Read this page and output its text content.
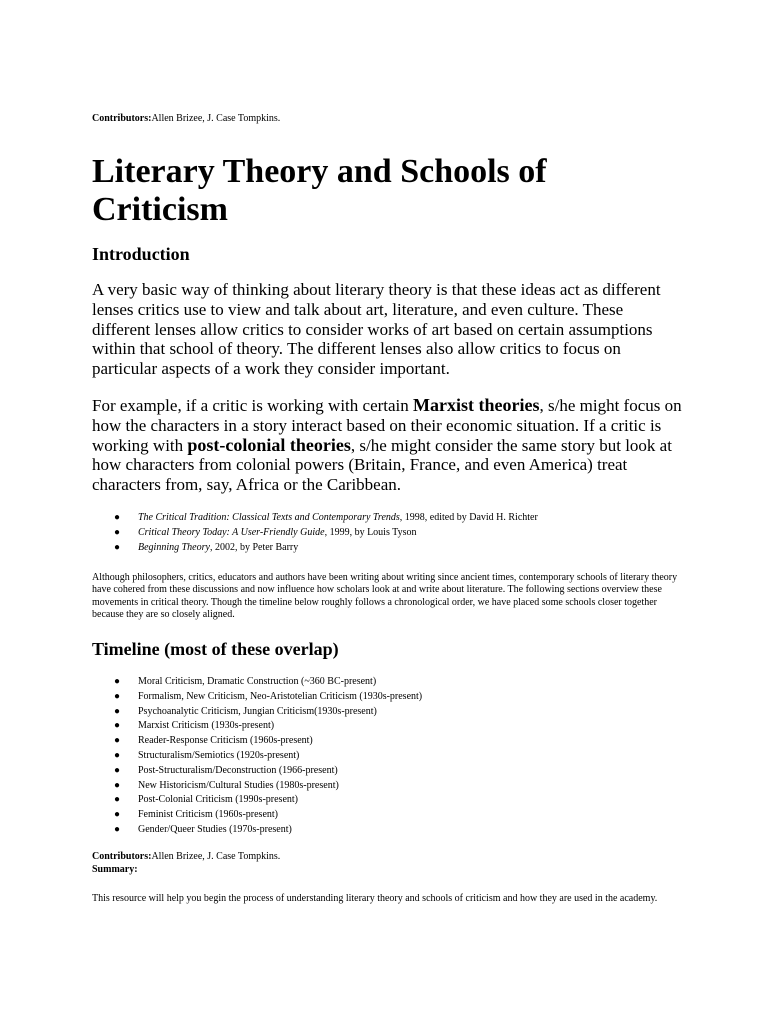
Contributors:Allen Brizee, J. Case Tompkins.
Literary Theory and Schools of Criticism
Introduction

A very basic way of thinking about literary theory is that these ideas act as different lenses critics use to view and talk about art, literature, and even culture. These different lenses allow critics to consider works of art based on certain assumptions within that school of theory. The different lenses also allow critics to focus on particular aspects of a work they consider important.

For example, if a critic is working with certain Marxist theories, s/he might focus on how the characters in a story interact based on their economic situation. If a critic is working with post-colonial theories, s/he might consider the same story but look at how characters from colonial powers (Britain, France, and even America) treat characters from, say, Africa or the Caribbean.

● The Critical Tradition: Classical Texts and Contemporary Trends, 1998, edited by David H. Richter
● Critical Theory Today: A User-Friendly Guide, 1999, by Louis Tyson
● Beginning Theory, 2002, by Peter Barry

Although philosophers, critics, educators and authors have been writing about writing since ancient times, contemporary schools of literary theory have cohered from these discussions and now influence how scholars look at and write about literature. The following sections overview these movements in critical theory. Though the timeline below roughly follows a chronological order, we have placed some schools closer together because they are so closely aligned.

Timeline (most of these overlap)
● Moral Criticism, Dramatic Construction (~360 BC-present)
● Formalism, New Criticism, Neo-Aristotelian Criticism (1930s-present)
● Psychoanalytic Criticism, Jungian Criticism(1930s-present)
● Marxist Criticism (1930s-present)
● Reader-Response Criticism (1960s-present)
● Structuralism/Semiotics (1920s-present)
● Post-Structuralism/Deconstruction (1966-present)
● New Historicism/Cultural Studies (1980s-present)
● Post-Colonial Criticism (1990s-present)
● Feminist Criticism (1960s-present)
● Gender/Queer Studies (1970s-present)
Contributors:Allen Brizee, J. Case Tompkins.
Summary:

This resource will help you begin the process of understanding literary theory and schools of criticism and how they are used in the academy.
